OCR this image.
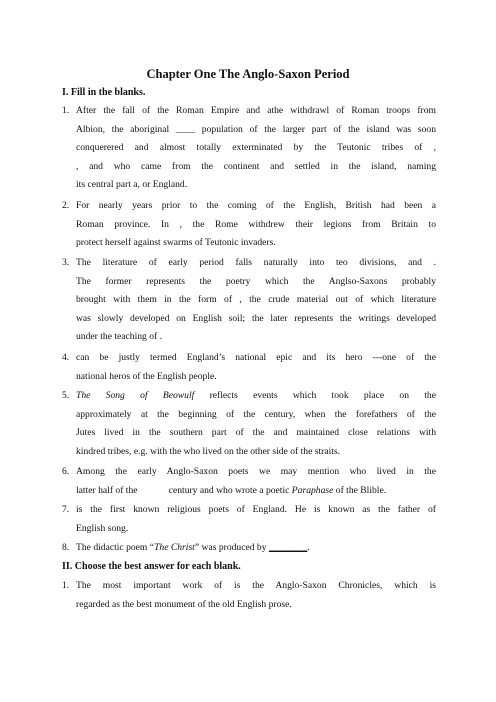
Chapter One The Anglo-Saxon Period
I. Fill in the blanks.
1. After the fall of the Roman Empire and athe withdrawl of Roman troops from
Albion, the aboriginal ____ population of the larger part of the island was soon
conquerered and almost totally exterminated by the Teutonic tribes of ,
, and who came from the continent and settled in the island, naming
its central part a, or England.
2. For nearly years prior to the coming of the English, British had been a
Roman province. In , the Rome withdrew their legions from Britain to
protect herself against swarms of Teutonic invaders.
3. The literature of early period falls naturally into teo divisions, and .
The former represents the poetry which the Anglso-Saxons probably
brought with them in the form of , the crude material out of which literature
was slowly developed on English soil; the later represents the writings developed
under the teaching of .
4. can be justly termed England’s national epic and its hero ---one of the
national heros of the English people.
5. The Song of Beowulf reflects events which took place on the
approximately at the beginning of the century, when the forefathers of the
Jutes lived in the southern part of the and maintained close relations with
kindred tribes, e.g. with the who lived on the other side of the straits.
6. Among the early Anglo-Saxon poets we may mention who lived in the
latter half of the             century and who wrote a poetic Paraphase of the Blible.
7. is the first known religious poets of England. He is known as the father of
English song.
8. The didactic poem “The Christ” was produced by ________.
II. Choose the best answer for each blank.
1. The most important work of is the Anglo-Saxon Chronicles, which is
regarded as the best monument of the old English prose.
